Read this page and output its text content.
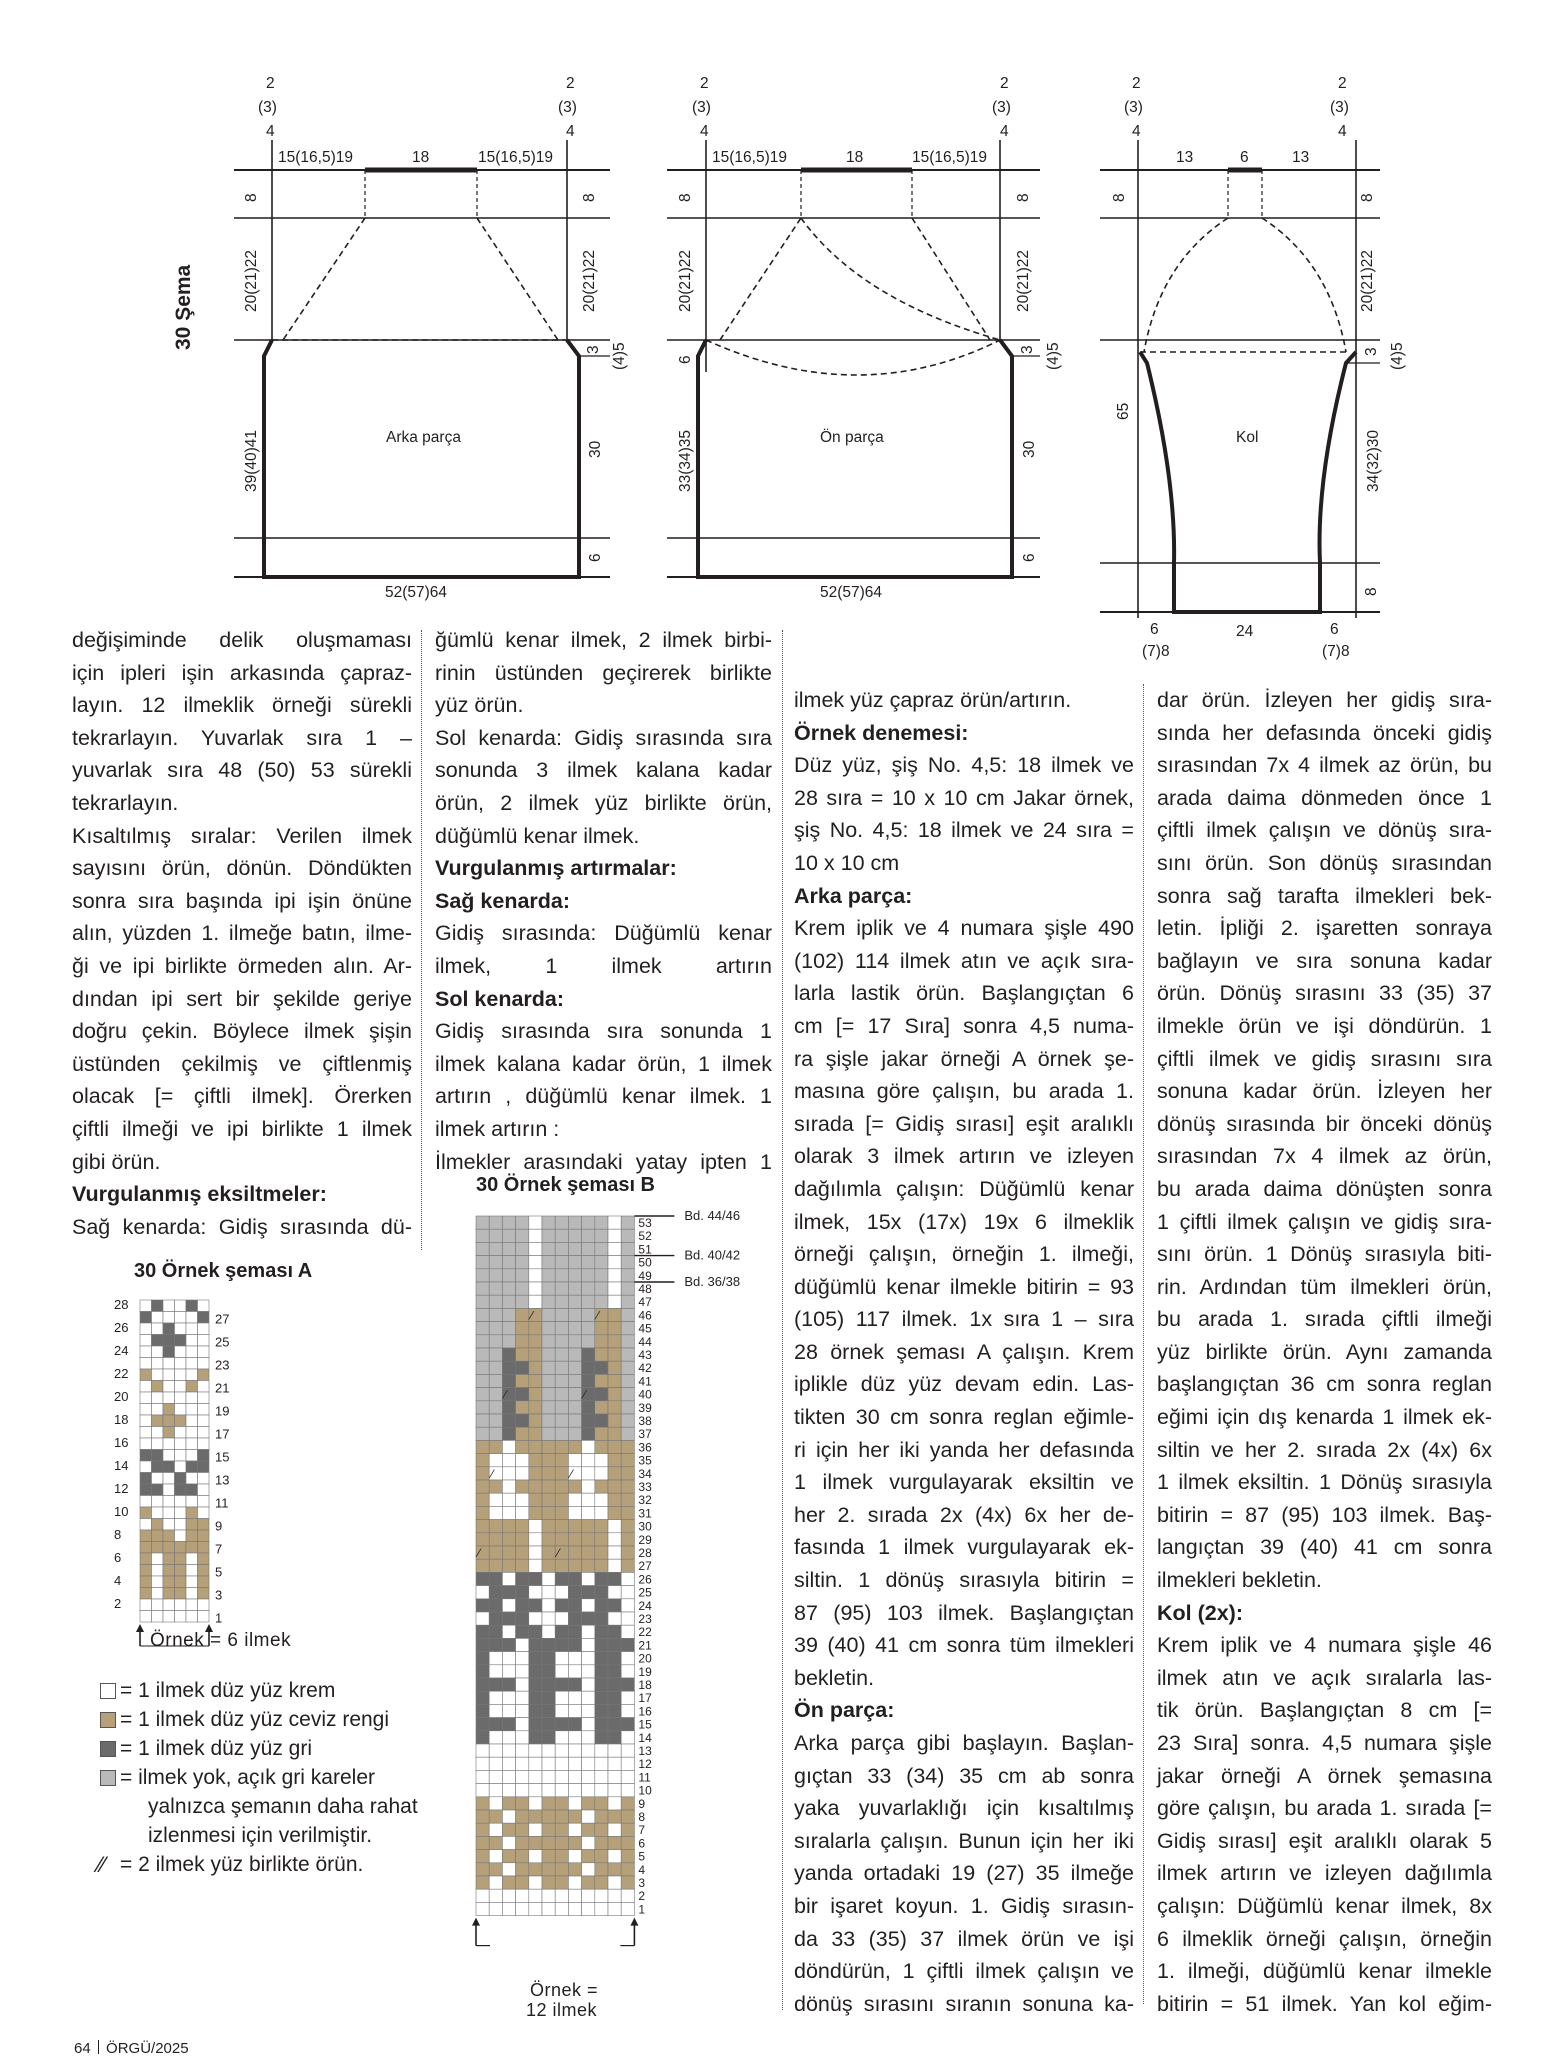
30 Şema
2
(3)
4
2
(3)
4
15(16,5)19	18	15(16,5)19
8
20(21)22
39(40)41
8
20(21)22
3 (4)5
30
6
52(57)64
Arka parça
2
(3)
4
2
(3)
4
15(16,5)19	18	15(16,5)19
8
20(21)22
6
33(34)35
8
20(21)22
3 (4)5
30
6
52(57)64
Ön parça
2
(3)
4
2
(3)
4
13	6	13
8
65
8
20(21)22
3 (4)5
34(32)30
8
6
(7)8
24	6
(7)8
Kol

değişiminde delik oluşmaması

için ipleri işin arkasında çapraz-

layın. 12 ilmeklik örneği sürekli

tekrarlayın. Yuvarlak sıra 1 –

yuvarlak sıra 48 (50) 53 sürekli

tekrarlayın.

Kısaltılmış sıralar: Verilen ilmek

sayısını örün, dönün. Döndükten

sonra sıra başında ipi işin önüne

alın, yüzden 1. ilmeğe batın, ilme-

ği ve ipi birlikte örmeden alın. Ar-

dından ipi sert bir şekilde geriye

doğru çekin. Böylece ilmek şişin

üstünden çekilmiş ve çiftlenmiş

olacak [= çiftli ilmek]. Örerken

çiftli ilmeği ve ipi birlikte 1 ilmek

gibi örün.

Vurgulanmış eksiltmeler:

Sağ kenarda: Gidiş sırasında dü-

ğümlü kenar ilmek, 2 ilmek birbi-

rinin üstünden geçirerek birlikte

yüz örün.

Sol kenarda: Gidiş sırasında sıra

sonunda 3 ilmek kalana kadar

örün, 2 ilmek yüz birlikte örün,

düğümlü kenar ilmek.

Vurgulanmış artırmalar:

Sağ kenarda:

Gidiş sırasında: Düğümlü kenar

ilmek, 1 ilmek artırın

Sol kenarda:

Gidiş sırasında sıra sonunda 1

ilmek kalana kadar örün, 1 ilmek

artırın , düğümlü kenar ilmek. 1

ilmek artırın :

İlmekler arasındaki yatay ipten 1

ilmek yüz çapraz örün/artırın.

Örnek denemesi:

Düz yüz, şiş No. 4,5: 18 ilmek ve

28 sıra = 10 x 10 cm Jakar örnek,

şiş No. 4,5: 18 ilmek ve 24 sıra =

10 x 10 cm

Arka parça:

Krem iplik ve 4 numara şişle 490

(102) 114 ilmek atın ve açık sıra-

larla lastik örün. Başlangıçtan 6

cm [= 17 Sıra] sonra 4,5 numa-

ra şişle jakar örneği A örnek şe-

masına göre çalışın, bu arada 1.

sırada [= Gidiş sırası] eşit aralıklı

olarak 3 ilmek artırın ve izleyen

dağılımla çalışın: Düğümlü kenar

ilmek, 15x (17x) 19x 6 ilmeklik

örneği çalışın, örneğin 1. ilmeği,

düğümlü kenar ilmekle bitirin = 93

(105) 117 ilmek. 1x sıra 1 – sıra

28 örnek şeması A çalışın. Krem

iplikle düz yüz devam edin. Las-

tikten 30 cm sonra reglan eğimle-

ri için her iki yanda her defasında

1 ilmek vurgulayarak eksiltin ve

her 2. sırada 2x (4x) 6x her de-

fasında 1 ilmek vurgulayarak ek-

siltin. 1 dönüş sırasıyla bitirin =

87 (95) 103 ilmek. Başlangıçtan

39 (40) 41 cm sonra tüm ilmekleri

bekletin.

Ön parça:

Arka parça gibi başlayın. Başlan-

gıçtan 33 (34) 35 cm ab sonra

yaka yuvarlaklığı için kısaltılmış

sıralarla çalışın. Bunun için her iki

yanda ortadaki 19 (27) 35 ilmeğe

bir işaret koyun. 1. Gidiş sırasın-

da 33 (35) 37 ilmek örün ve işi

döndürün, 1 çiftli ilmek çalışın ve

dönüş sırasını sıranın sonuna ka-

dar örün. İzleyen her gidiş sıra-

sında her defasında önceki gidiş

sırasından 7x 4 ilmek az örün, bu

arada daima dönmeden önce 1

çiftli ilmek çalışın ve dönüş sıra-

sını örün. Son dönüş sırasından

sonra sağ tarafta ilmekleri bek-

letin. İpliği 2. işaretten sonraya

bağlayın ve sıra sonuna kadar

örün. Dönüş sırasını 33 (35) 37

ilmekle örün ve işi döndürün. 1

çiftli ilmek ve gidiş sırasını sıra

sonuna kadar örün. İzleyen her

dönüş sırasında bir önceki dönüş

sırasından 7x 4 ilmek az örün,

bu arada daima dönüşten sonra

1 çiftli ilmek çalışın ve gidiş sıra-

sını örün. 1 Dönüş sırasıyla biti-

rin. Ardından tüm ilmekleri örün,

bu arada 1. sırada çiftli ilmeği

yüz birlikte örün. Aynı zamanda

başlangıçtan 36 cm sonra reglan

eğimi için dış kenarda 1 ilmek ek-

siltin ve her 2. sırada 2x (4x) 6x

1 ilmek eksiltin. 1 Dönüş sırasıyla

bitirin = 87 (95) 103 ilmek. Baş-

langıçtan 39 (40) 41 cm sonra

ilmekleri bekletin.

Kol (2x):

Krem iplik ve 4 numara şişle 46

ilmek atın ve açık sıralarla las-

tik örün. Başlangıçtan 8 cm [=

23 Sıra] sonra. 4,5 numara şişle

jakar örneği A örnek şemasına

göre çalışın, bu arada 1. sırada [=

Gidiş sırası] eşit aralıklı olarak 5

ilmek artırın ve izleyen dağılımla

çalışın: Düğümlü kenar ilmek, 8x

6 ilmeklik örneği çalışın, örneğin

1. ilmeği, düğümlü kenar ilmekle

bitirin = 51 ilmek. Yan kol eğim-

30 Örnek şeması A
28
26
24
22
20
18
16
14
12
10
8
6
4
2
27
25
23
21
19
17
15
13
11
9
7
5
3
1
Örnek = 6 ilmek
= 1 ilmek düz yüz krem
= 1 ilmek düz yüz ceviz rengi
= 1 ilmek düz yüz gri
= ilmek yok, açık gri kareler
yalnızca şemanın daha rahat
izlenmesi için verilmiştir.
⁄⁄ = 2 ilmek yüz birlikte örün.
30 Örnek şeması B
53
52
51
50
49
48
47
46
45
44
43
42
41
40
39
38
37
36
35
34
33
32
31
30
29
28
27
26
25
24
23
22
21
20
19
18
17
16
15
14
13
12
11
10
9
8
7
6
5
4
3
2
1
Bd. 44/46
Bd. 40/42
Bd. 36/38
⁄	⁄
⁄	⁄
⁄	⁄
⁄	⁄
Örnek =
12 ilmek
64 ÖRGÜ/2025
